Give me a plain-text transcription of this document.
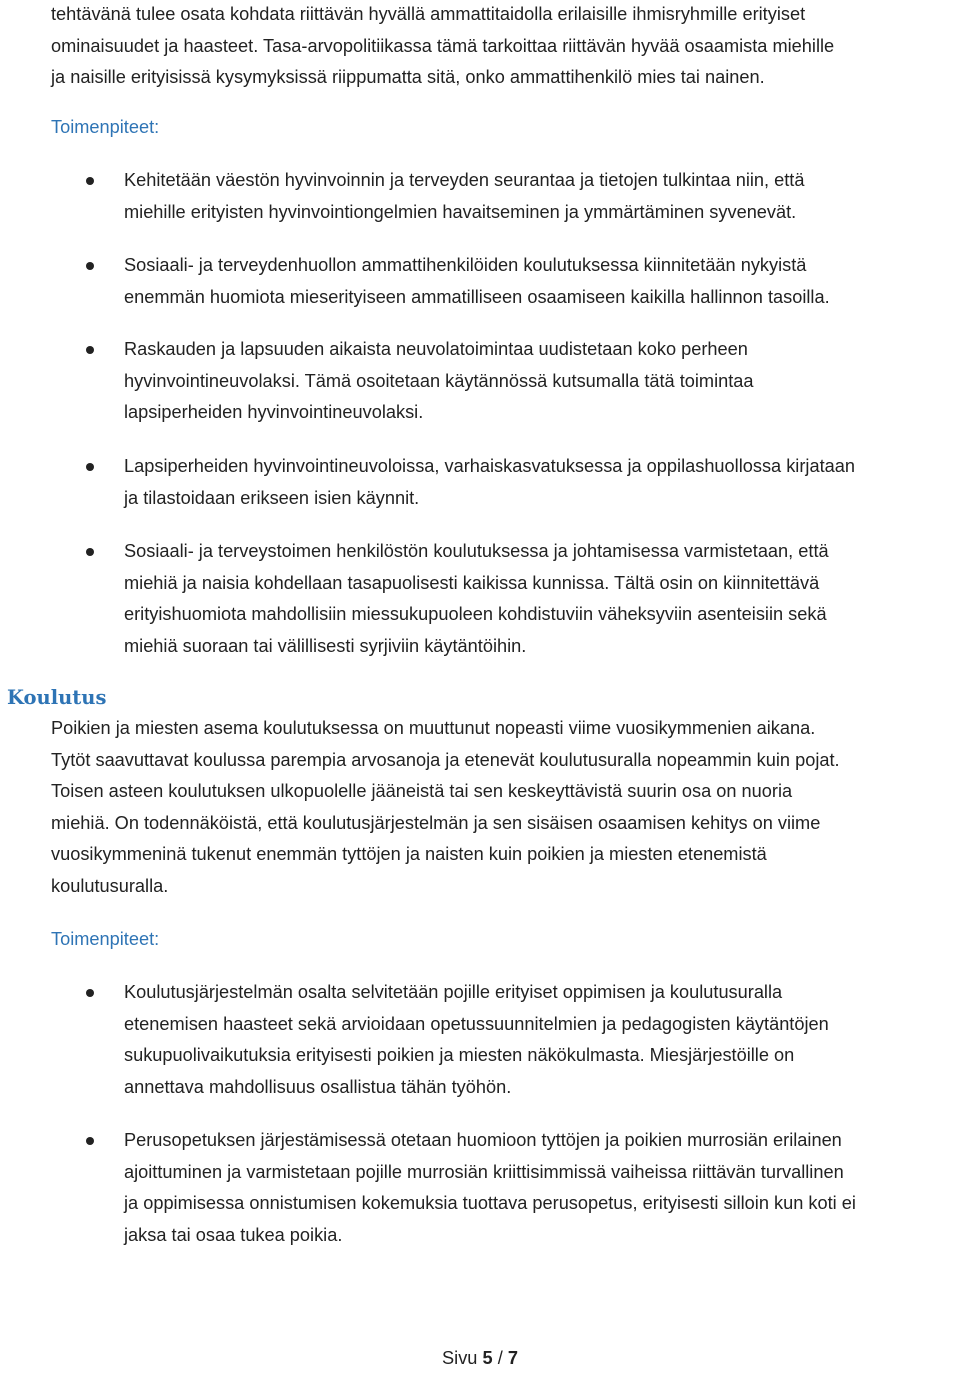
tehtävänä tulee osata kohdata riittävän hyvällä ammattitaidolla erilaisille ihmisryhmille erityiset
ominaisuudet ja haasteet. Tasa-arvopolitiikassa tämä tarkoittaa riittävän hyvää osaamista miehille
ja naisille erityisissä kysymyksissä riippumatta sitä, onko ammattihenkilö mies tai nainen.

Toimenpiteet:

Kehitetään väestön hyvinvoinnin ja terveyden seurantaa ja tietojen tulkintaa niin, että
miehille erityisten hyvinvointiongelmien havaitseminen ja ymmärtäminen syvenevät.
Sosiaali- ja terveydenhuollon ammattihenkilöiden koulutuksessa kiinnitetään nykyistä
enemmän huomiota mieserityiseen ammatilliseen osaamiseen kaikilla hallinnon tasoilla.
Raskauden ja lapsuuden aikaista neuvolatoimintaa uudistetaan koko perheen
hyvinvointineuvolaksi. Tämä osoitetaan käytännössä kutsumalla tätä toimintaa
lapsiperheiden hyvinvointineuvolaksi.
Lapsiperheiden hyvinvointineuvoloissa, varhaiskasvatuksessa ja oppilashuollossa kirjataan
ja tilastoidaan erikseen isien käynnit.
Sosiaali- ja terveystoimen henkilöstön koulutuksessa ja johtamisessa varmistetaan, että
miehiä ja naisia kohdellaan tasapuolisesti kaikissa kunnissa. Tältä osin on kiinnitettävä
erityishuomiota mahdollisiin miessukupuoleen kohdistuviin väheksyviin asenteisiin sekä
miehiä suoraan tai välillisesti syrjiviin käytäntöihin.
Koulutus

Poikien ja miesten asema koulutuksessa on muuttunut nopeasti viime vuosikymmenien aikana.
Tytöt saavuttavat koulussa parempia arvosanoja ja etenevät koulutusuralla nopeammin kuin pojat.
Toisen asteen koulutuksen ulkopuolelle jääneistä tai sen keskeyttävistä suurin osa on nuoria
miehiä. On todennäköistä, että koulutusjärjestelmän ja sen sisäisen osaamisen kehitys on viime
vuosikymmeninä tukenut enemmän tyttöjen ja naisten kuin poikien ja miesten etenemistä
koulutusuralla.

Toimenpiteet:

Koulutusjärjestelmän osalta selvitetään pojille erityiset oppimisen ja koulutusuralla
etenemisen haasteet sekä arvioidaan opetussuunnitelmien ja pedagogisten käytäntöjen
sukupuolivaikutuksia erityisesti poikien ja miesten näkökulmasta. Miesjärjestöille on
annettava mahdollisuus osallistua tähän työhön.
Perusopetuksen järjestämisessä otetaan huomioon tyttöjen ja poikien murrosiän erilainen
ajoittuminen ja varmistetaan pojille murrosiän kriittisimmissä vaiheissa riittävän turvallinen
ja oppimisessa onnistumisen kokemuksia tuottava perusopetus, erityisesti silloin kun koti ei
jaksa tai osaa tukea poikia.
Sivu 5 / 7
